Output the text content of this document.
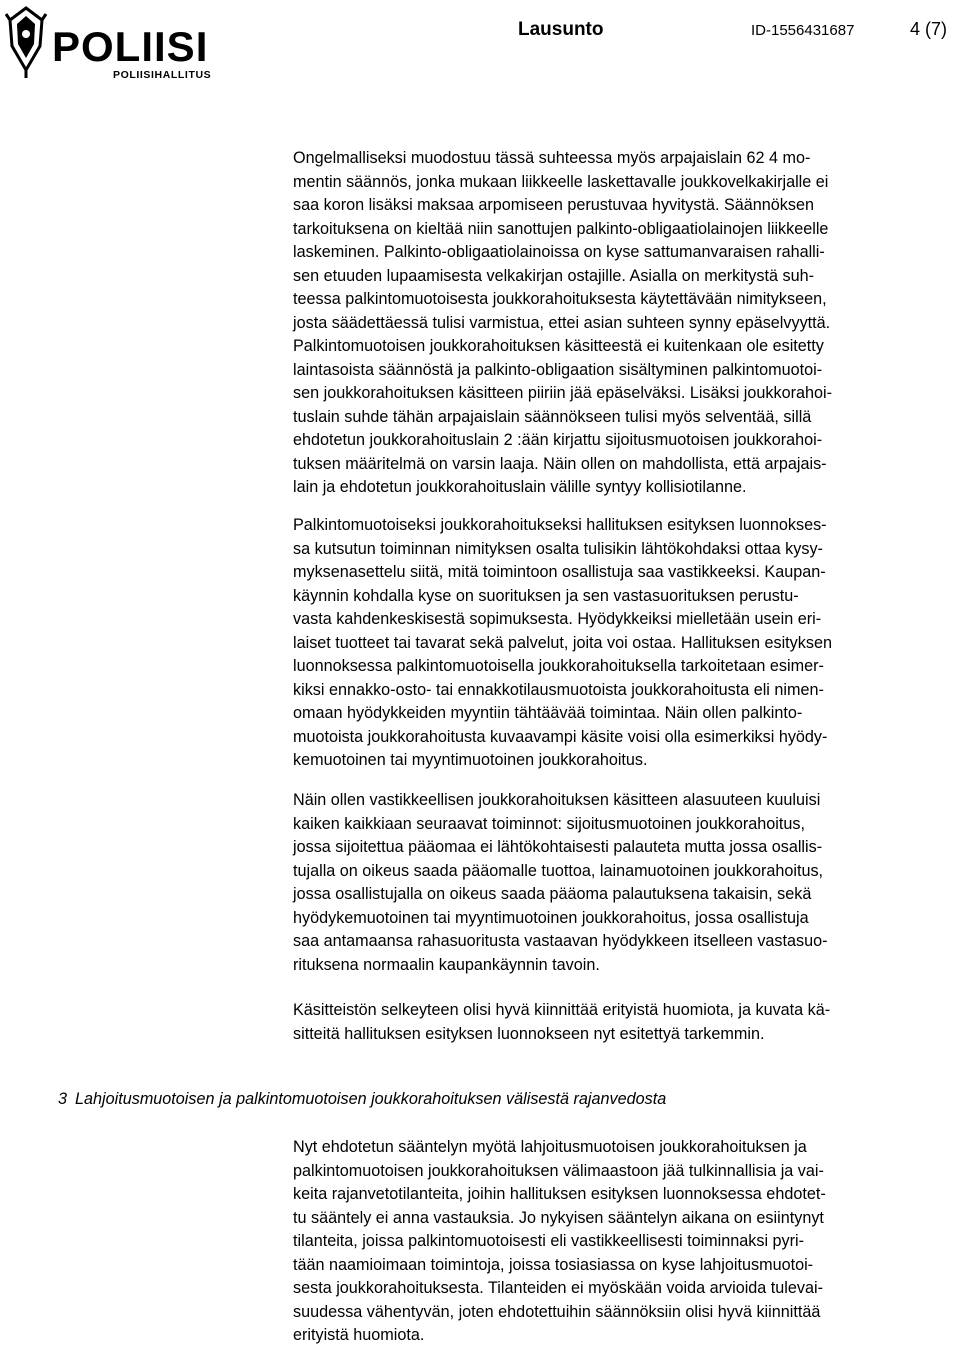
POLIISI
POLIISIHALLITUS
Lausunto	ID-1556431687	4 (7)

Ongelmalliseksi muodostuu tässä suhteessa myös arpajaislain 62 4 mo-
mentin säännös, jonka mukaan liikkeelle laskettavalle joukkovelkakirjalle ei
saa koron lisäksi maksaa arpomiseen perustuvaa hyvitystä. Säännöksen
tarkoituksena on kieltää niin sanottujen palkinto-obligaatiolainojen liikkeelle
laskeminen. Palkinto-obligaatiolainoissa on kyse sattumanvaraisen rahalli-
sen etuuden lupaamisesta velkakirjan ostajille. Asialla on merkitystä suh-
teessa palkintomuotoisesta joukkorahoituksesta käytettävään nimitykseen,
josta säädettäessä tulisi varmistua, ettei asian suhteen synny epäselvyyttä.
Palkintomuotoisen joukkorahoituksen käsitteestä ei kuitenkaan ole esitetty
laintasoista säännöstä ja palkinto-obligaation sisältyminen palkintomuotoi-
sen joukkorahoituksen käsitteen piiriin jää epäselväksi. Lisäksi joukkorahoi-
tuslain suhde tähän arpajaislain säännökseen tulisi myös selventää, sillä
ehdotetun joukkorahoituslain 2 :ään kirjattu sijoitusmuotoisen joukkorahoi-
tuksen määritelmä on varsin laaja. Näin ollen on mahdollista, että arpajais-
lain ja ehdotetun joukkorahoituslain välille syntyy kollisiotilanne.

Palkintomuotoiseksi joukkorahoitukseksi hallituksen esityksen luonnokses-
sa kutsutun toiminnan nimityksen osalta tulisikin lähtökohdaksi ottaa kysy-
myksenasettelu siitä, mitä toimintoon osallistuja saa vastikkeeksi. Kaupan-
käynnin kohdalla kyse on suorituksen ja sen vastasuorituksen perustu-
vasta kahdenkeskisestä sopimuksesta. Hyödykkeiksi mielletään usein eri-
laiset tuotteet tai tavarat sekä palvelut, joita voi ostaa. Hallituksen esityksen
luonnoksessa palkintomuotoisella joukkorahoituksella tarkoitetaan esimer-
kiksi ennakko-osto- tai ennakkotilausmuotoista joukkorahoitusta eli nimen-
omaan hyödykkeiden myyntiin tähtäävää toimintaa. Näin ollen palkinto-
muotoista joukkorahoitusta kuvaavampi käsite voisi olla esimerkiksi hyödy-
kemuotoinen tai myyntimuotoinen joukkorahoitus.

Näin ollen vastikkeellisen joukkorahoituksen käsitteen alasuuteen kuuluisi
kaiken kaikkiaan seuraavat toiminnot: sijoitusmuotoinen joukkorahoitus,
jossa sijoitettua pääomaa ei lähtökohtaisesti palauteta mutta jossa osallis-
tujalla on oikeus saada pääomalle tuottoa, lainamuotoinen joukkorahoitus,
jossa osallistujalla on oikeus saada pääoma palautuksena takaisin, sekä
hyödykemuotoinen tai myyntimuotoinen joukkorahoitus, jossa osallistuja
saa antamaansa rahasuoritusta vastaavan hyödykkeen itselleen vastasuo-
rituksena normaalin kaupankäynnin tavoin.

Käsitteistön selkeyteen olisi hyvä kiinnittää erityistä huomiota, ja kuvata kä-
sitteitä hallituksen esityksen luonnokseen nyt esitettyä tarkemmin.

3 Lahjoitusmuotoisen ja palkintomuotoisen joukkorahoituksen välisestä rajanvedosta

Nyt ehdotetun sääntelyn myötä lahjoitusmuotoisen joukkorahoituksen ja
palkintomuotoisen joukkorahoituksen välimaastoon jää tulkinnallisia ja vai-
keita rajanvetotilanteita, joihin hallituksen esityksen luonnoksessa ehdotet-
tu sääntely ei anna vastauksia. Jo nykyisen sääntelyn aikana on esiintynyt
tilanteita, joissa palkintomuotoisesti eli vastikkeellisesti toiminnaksi pyri-
tään naamioimaan toimintoja, joissa tosiasiassa on kyse lahjoitusmuotoi-
sesta joukkorahoituksesta. Tilanteiden ei myöskään voida arvioida tulevai-
suudessa vähentyvän, joten ehdotettuihin säännöksiin olisi hyvä kiinnittää
erityistä huomiota.
